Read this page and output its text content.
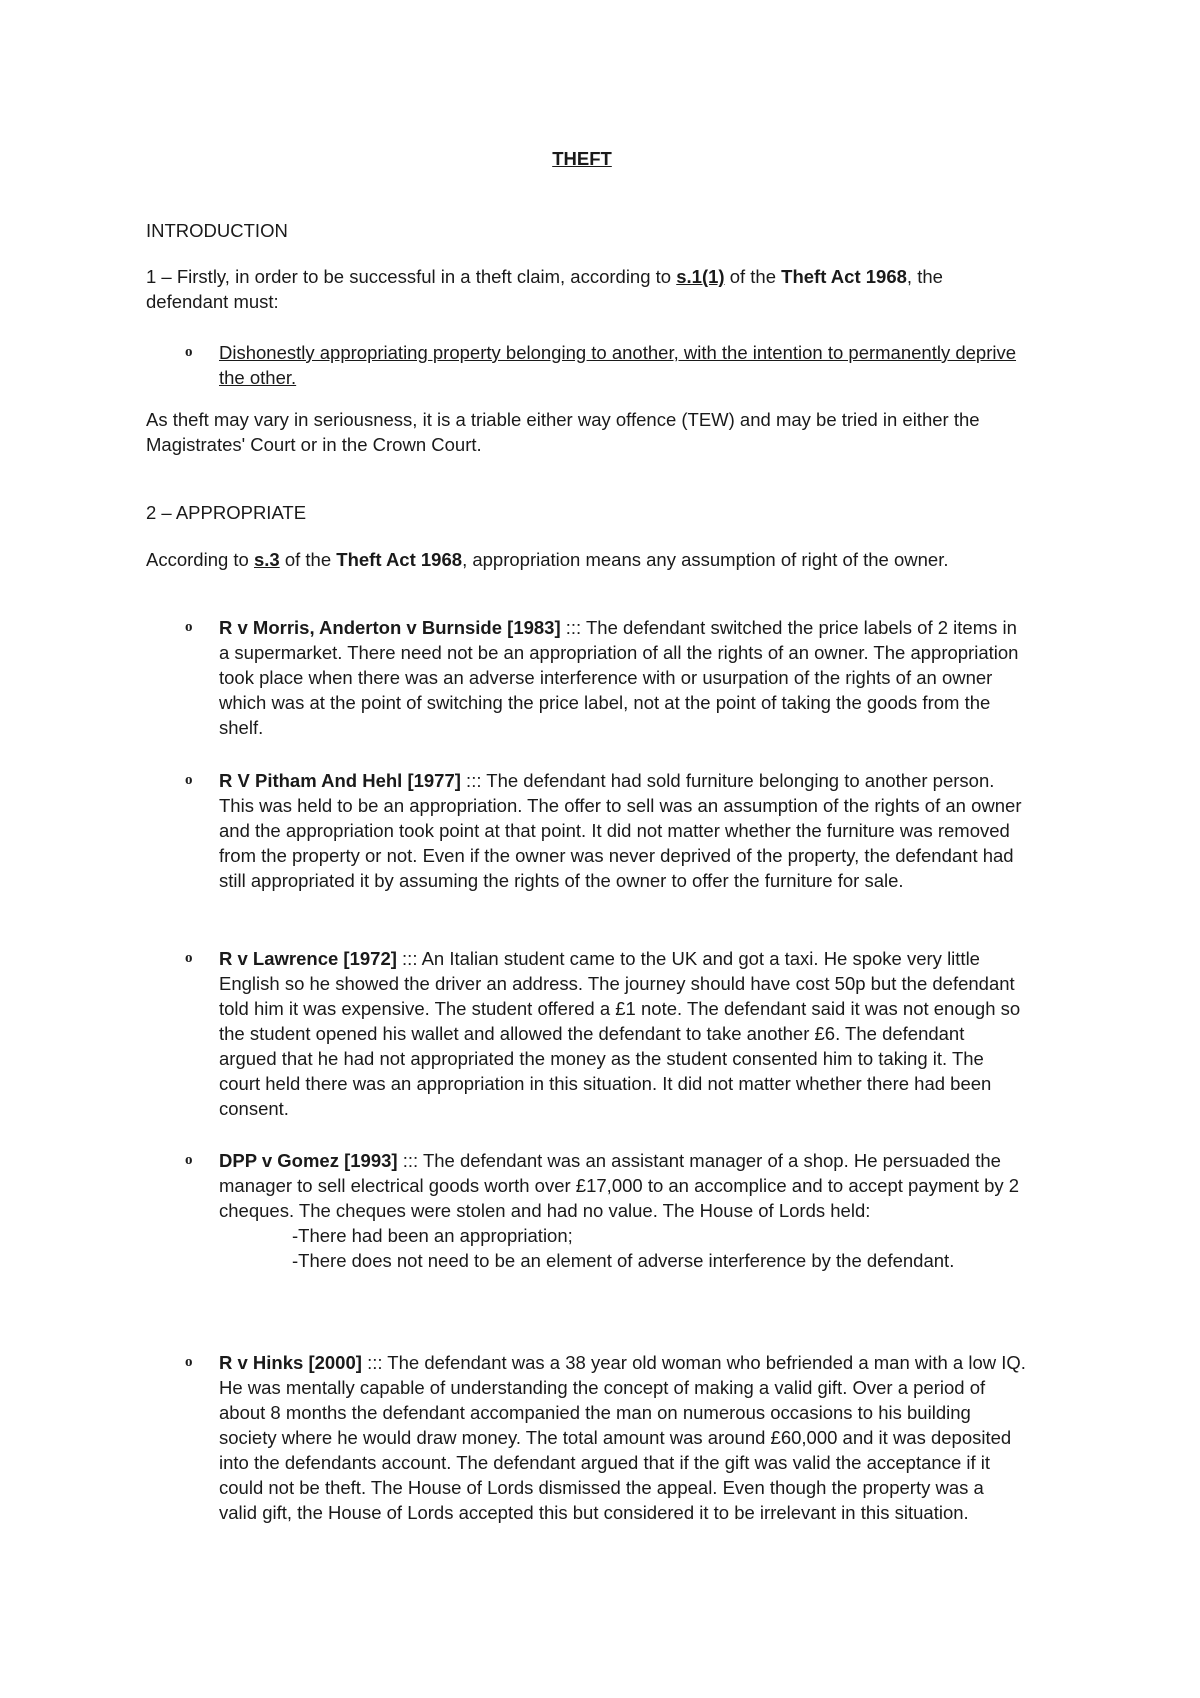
THEFT
INTRODUCTION
1 – Firstly, in order to be successful in a theft claim, according to s.1(1) of the Theft Act 1968, the defendant must:

o Dishonestly appropriating property belonging to another, with the intention to permanently deprive the other.

As theft may vary in seriousness, it is a triable either way offence (TEW) and may be tried in either the Magistrates' Court or in the Crown Court.
2 – APPROPRIATE
According to s.3 of the Theft Act 1968, appropriation means any assumption of right of the owner.

o R v Morris, Anderton v Burnside [1983] ::: The defendant switched the price labels of 2 items in a supermarket. There need not be an appropriation of all the rights of an owner. The appropriation took place when there was an adverse interference with or usurpation of the rights of an owner which was at the point of switching the price label, not at the point of taking the goods from the shelf.

o R V Pitham And Hehl [1977] ::: The defendant had sold furniture belonging to another person. This was held to be an appropriation. The offer to sell was an assumption of the rights of an owner and the appropriation took point at that point. It did not matter whether the furniture was removed from the property or not. Even if the owner was never deprived of the property, the defendant had still appropriated it by assuming the rights of the owner to offer the furniture for sale.

o R v Lawrence [1972] ::: An Italian student came to the UK and got a taxi. He spoke very little English so he showed the driver an address. The journey should have cost 50p but the defendant told him it was expensive. The student offered a £1 note. The defendant said it was not enough so the student opened his wallet and allowed the defendant to take another £6. The defendant argued that he had not appropriated the money as the student consented him to taking it. The court held there was an appropriation in this situation. It did not matter whether there had been consent.

o DPP v Gomez [1993] ::: The defendant was an assistant manager of a shop. He persuaded the manager to sell electrical goods worth over £17,000 to an accomplice and to accept payment by 2 cheques. The cheques were stolen and had no value. The House of Lords held:

-There had been an appropriation;

-There does not need to be an element of adverse interference by the defendant.

o R v Hinks [2000] ::: The defendant was a 38 year old woman who befriended a man with a low IQ. He was mentally capable of understanding the concept of making a valid gift. Over a period of about 8 months the defendant accompanied the man on numerous occasions to his building society where he would draw money. The total amount was around £60,000 and it was deposited into the defendants account. The defendant argued that if the gift was valid the acceptance if it could not be theft. The House of Lords dismissed the appeal. Even though the property was a valid gift, the House of Lords accepted this but considered it to be irrelevant in this situation.
